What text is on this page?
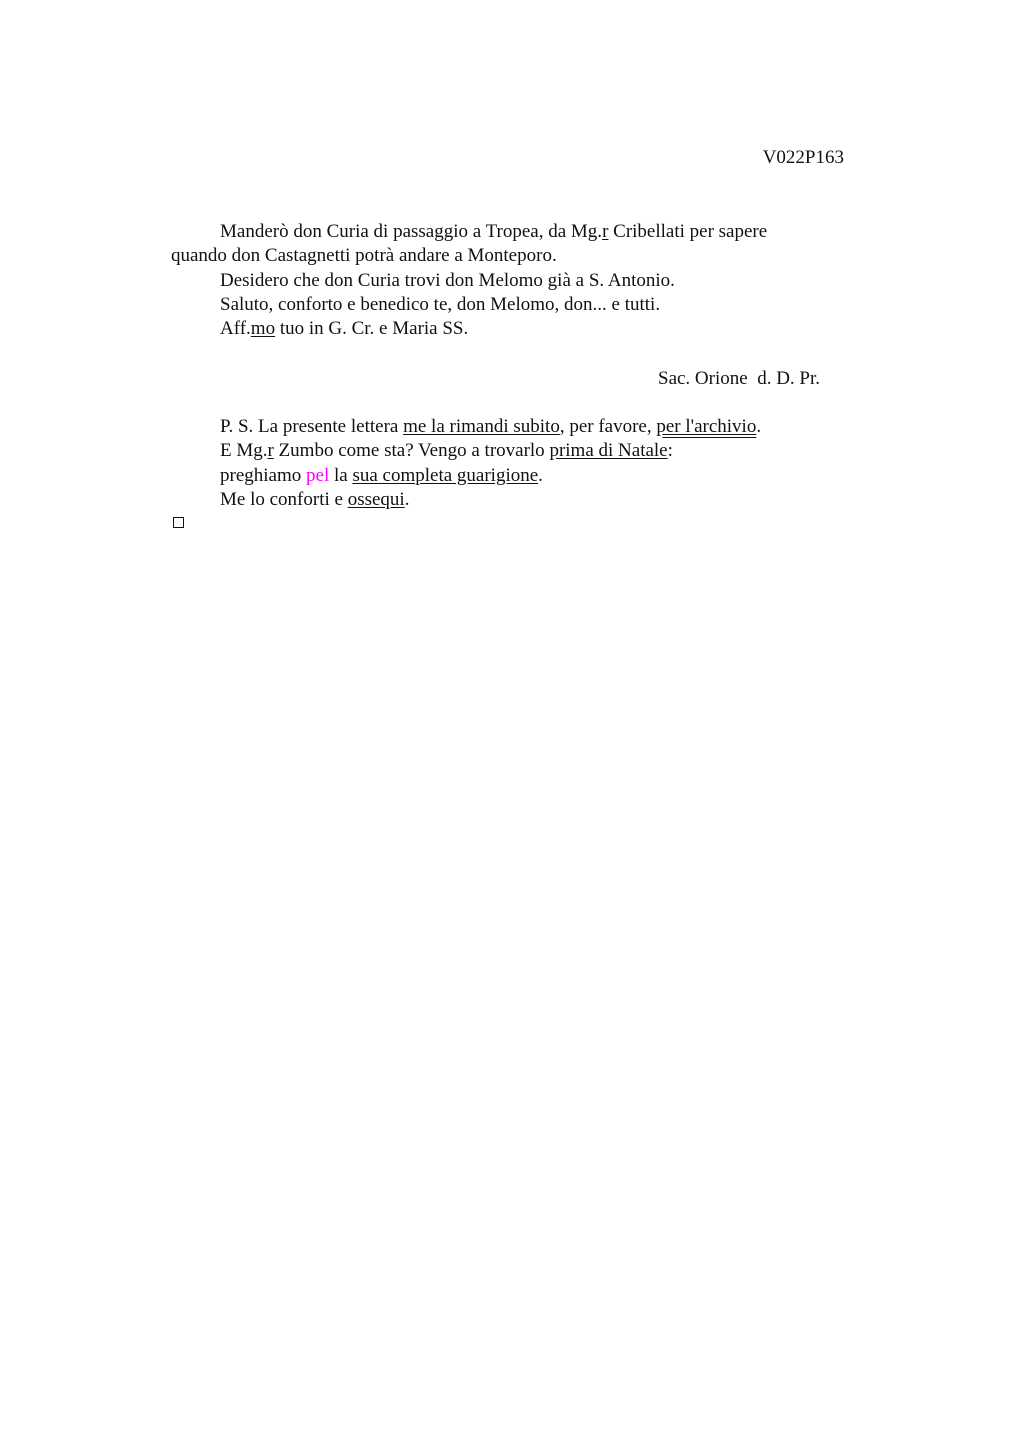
V022P163
Manderò don Curia di passaggio a Tropea, da Mg.r Cribellati per sapere
quando don Castagnetti potrà andare a Monteporo.
Desidero che don Curia trovi don Melomo già a S. Antonio.
Saluto, conforto e benedico te, don Melomo, don... e tutti.
Aff.mo tuo in G. Cr. e Maria SS.
Sac. Orione  d. D. Pr.
P. S. La presente lettera me la rimandi subito, per favore, per l'archivio.
E Mg.r Zumbo come sta? Vengo a trovarlo prima di Natale:
preghiamo pel la sua completa guarigione.
Me lo conforti e ossequi.
